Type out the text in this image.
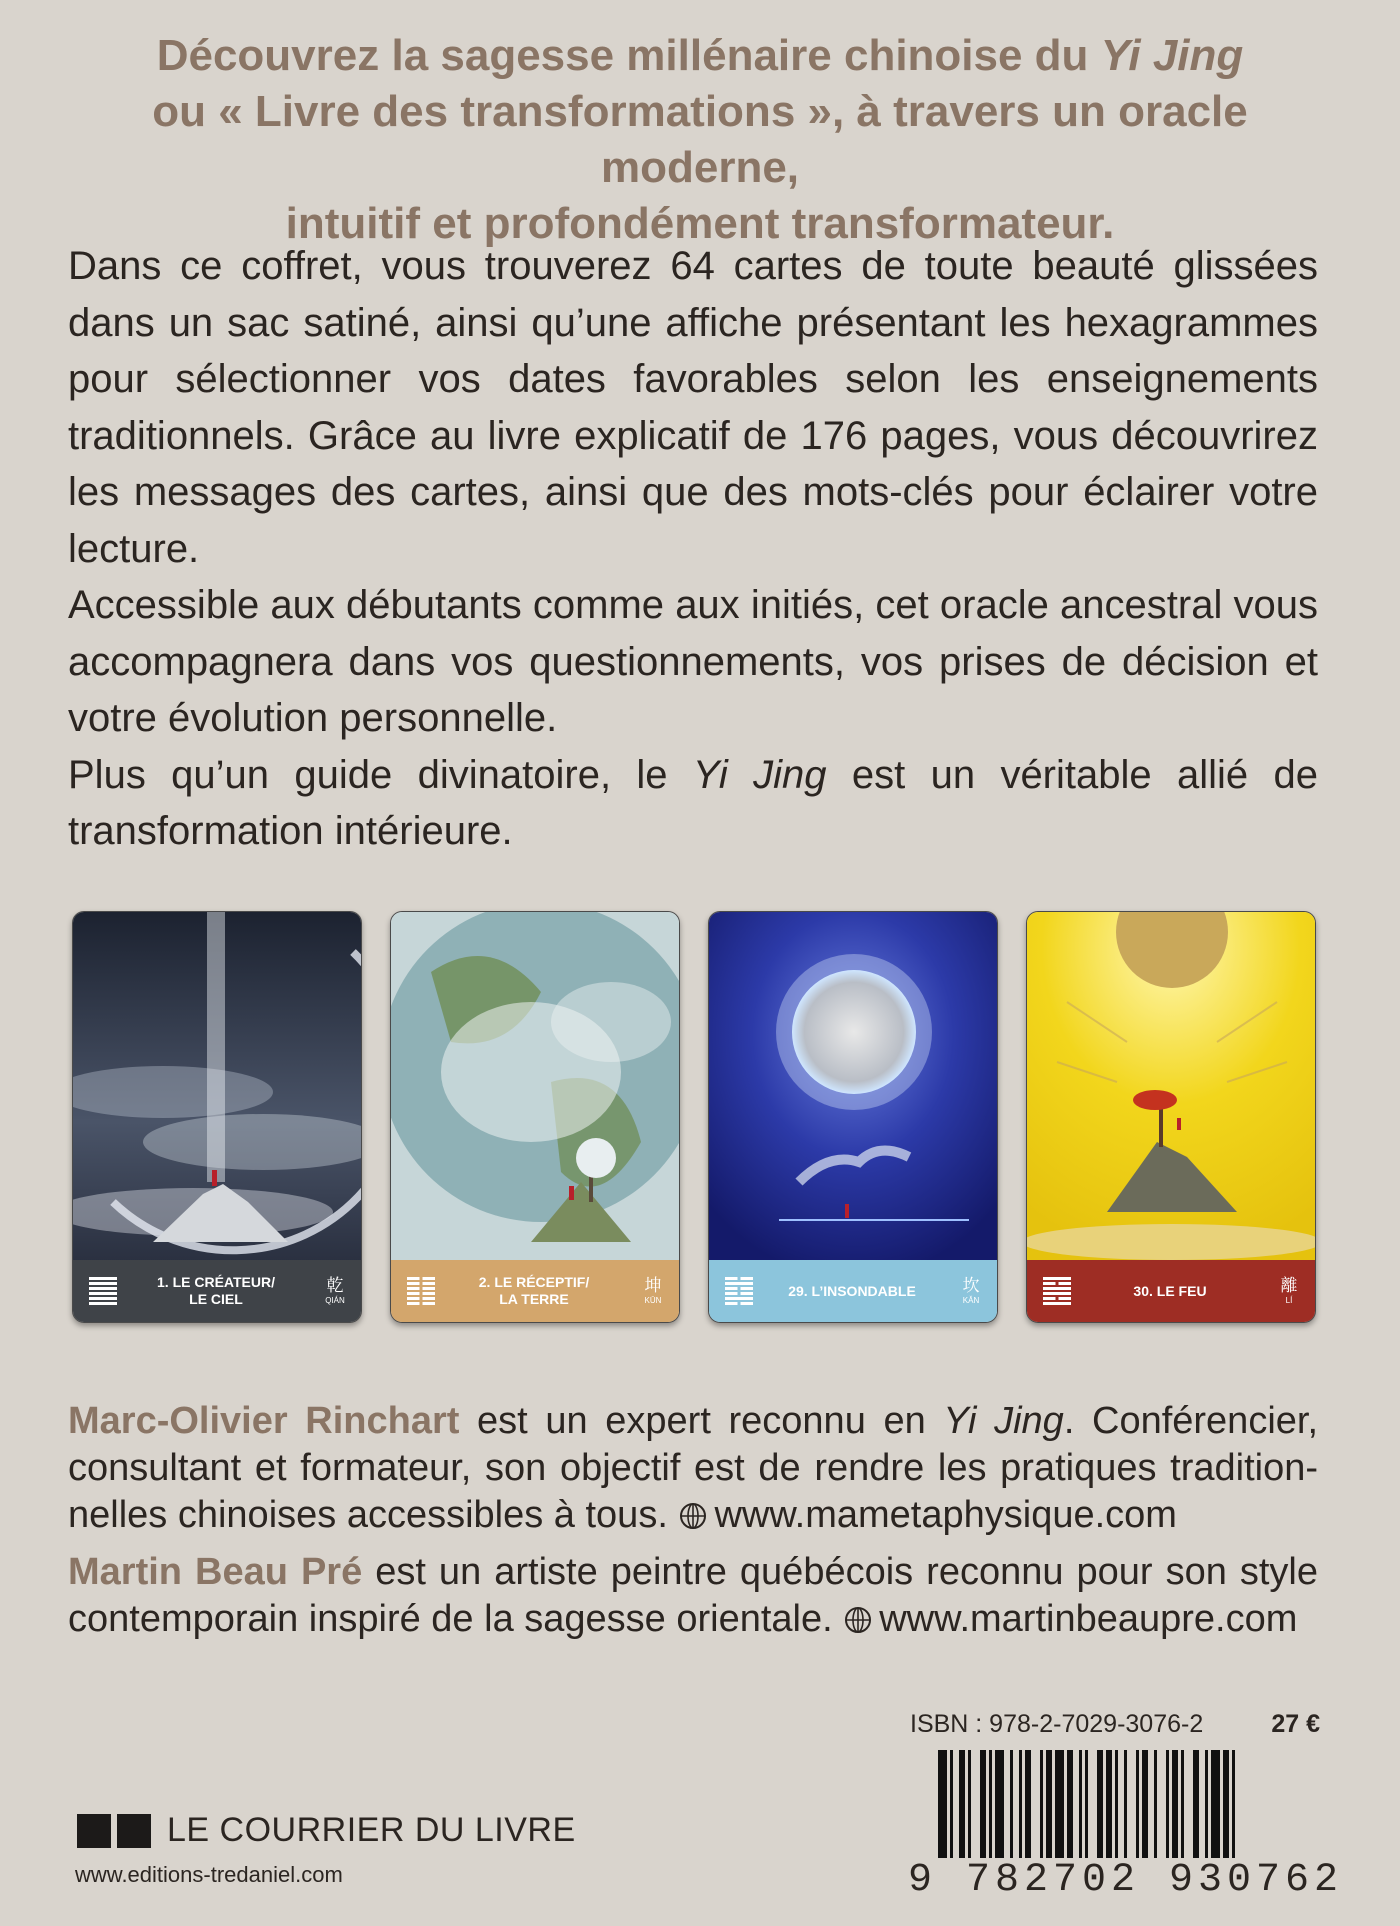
Découvrez la sagesse millénaire chinoise du Yi Jing
ou « Livre des transformations », à travers un oracle moderne,
intuitif et profondément transformateur.

Dans ce coffret, vous trouverez 64 cartes de toute beauté glissées dans un sac satiné, ainsi qu’une affiche présentant les hexagrammes pour sélectionner vos dates favorables selon les enseignements traditionnels. Grâce au livre explicatif de 176 pages, vous découvrirez les messages des cartes, ainsi que des mots-clés pour éclairer votre lecture.

Accessible aux débutants comme aux initiés, cet oracle ancestral vous accompagnera dans vos questionnements, vos prises de décision et votre évolution personnelle.

Plus qu’un guide divinatoire, le Yi Jing est un véritable allié de transformation intérieure.

1. LE CRÉATEUR/
LE CIEL
乾
QIÁN
2. LE RÉCEPTIF/
LA TERRE
坤
KŪN
29. L’INSONDABLE	坎
KǍN
30. LE FEU	離
LÍ

Marc-Olivier Rinchart est un expert reconnu en Yi Jing. Conférencier, consultant et formateur, son objectif est de rendre les pratiques tradition-nelles chinoises accessibles à tous. www.mametaphysique.com

Martin Beau Pré est un artiste peintre québécois reconnu pour son style contemporain inspiré de la sagesse orientale. www.martinbeaupre.com

ISBN : 978-2-7029-3076-2	27 €
9 782702 930762
LE COURRIER DU LIVRE
www.editions-tredaniel.com
